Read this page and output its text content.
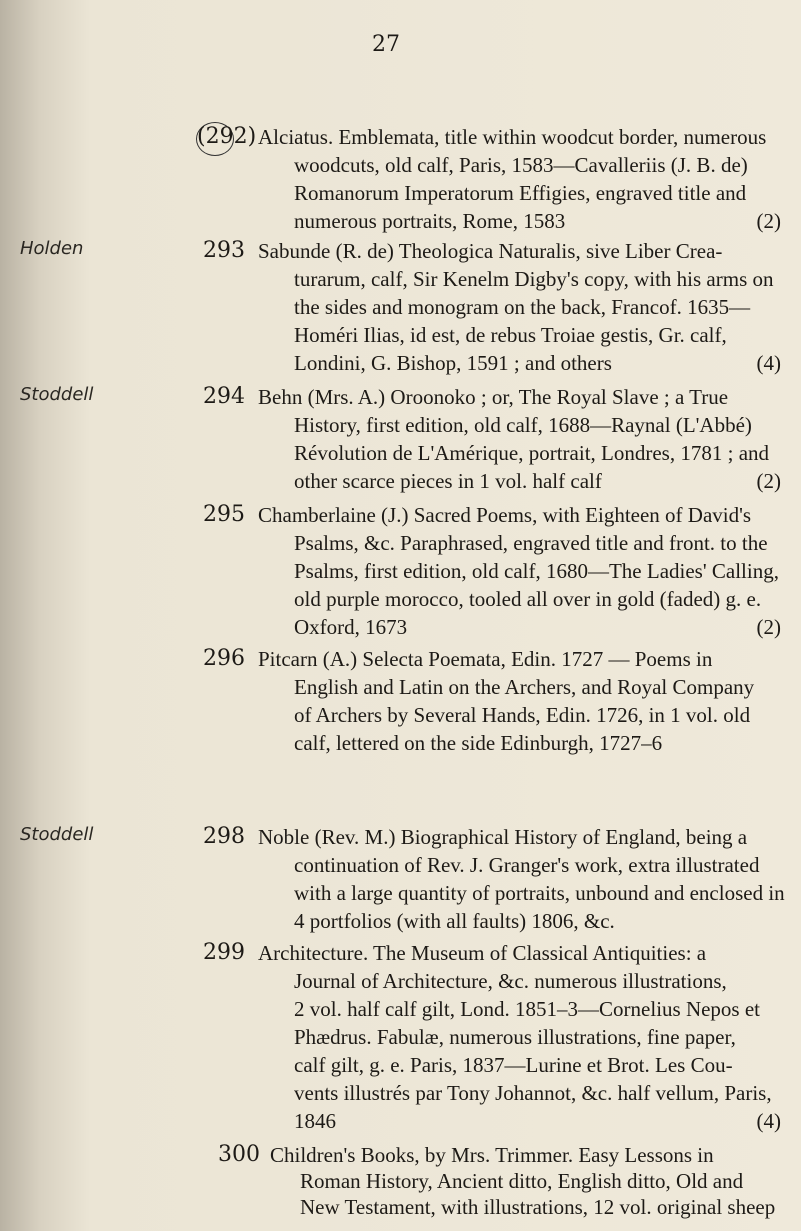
27
(292) Alciatus. Emblemata, title within woodcut border, numerous
woodcuts, old calf, Paris, 1583—Cavalleriis (J. B. de)
Romanorum Imperatorum Effigies, engraved title and
numerous portraits, Rome, 1583	(2)
Holden	293 Sabunde (R. de) Theologica Naturalis, sive Liber Crea-
turarum, calf, Sir Kenelm Digby's copy, with his arms on
the sides and monogram on the back, Francof. 1635—
Homéri Ilias, id est, de rebus Troiae gestis, Gr. calf,
Londini, G. Bishop, 1591 ; and others	(4)
Stoddell	294 Behn (Mrs. A.) Oroonoko ; or, The Royal Slave ; a True
History, first edition, old calf, 1688—Raynal (L'Abbé)
Révolution de L'Amérique, portrait, Londres, 1781 ; and
other scarce pieces in 1 vol. half calf	(2)
295 Chamberlaine (J.) Sacred Poems, with Eighteen of David's
Psalms, &c. Paraphrased, engraved title and front. to the
Psalms, first edition, old calf, 1680—The Ladies' Calling,
old purple morocco, tooled all over in gold (faded) g. e.
Oxford, 1673	(2)
296 Pitcarn (A.) Selecta Poemata, Edin. 1727 — Poems in
English and Latin on the Archers, and Royal Company
of Archers by Several Hands, Edin. 1726, in 1 vol. old
calf, lettered on the side Edinburgh, 1727–6
Stoddell	298 Noble (Rev. M.) Biographical History of England, being a
continuation of Rev. J. Granger's work, extra illustrated
with a large quantity of portraits, unbound and enclosed in
4 portfolios (with all faults) 1806, &c.
299 Architecture. The Museum of Classical Antiquities: a
Journal of Architecture, &c. numerous illustrations,
2 vol. half calf gilt, Lond. 1851–3—Cornelius Nepos et
Phædrus. Fabulæ, numerous illustrations, fine paper,
calf gilt, g. e. Paris, 1837—Lurine et Brot. Les Cou-
vents illustrés par Tony Johannot, &c. half vellum, Paris,
1846	(4)
300 Children's Books, by Mrs. Trimmer. Easy Lessons in
Roman History, Ancient ditto, English ditto, Old and
New Testament, with illustrations, 12 vol. original sheep
